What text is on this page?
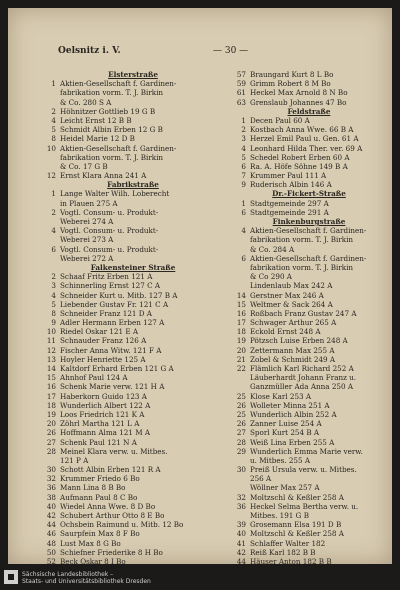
Oelsnitz i. V.	— 30 —
Elsterstraße
1 Aktien-Gesellschaft f. Gardinen-
fabrikation vorm. T. J. Birkin
& Co. 280 S A
2 Höhnitzer Gottlieb 19 G B
4 Leicht Ernst 12 B B
5 Schmidt Albin Erben 12 G B
8 Heidel Marie 12 D B
10 Aktien-Gesellschaft f. Gardinen-
fabrikation vorm. T. J. Birkin
& Co. 17 G B
12 Ernst Klara Anna 241 A
Fabrikstraße
1 Lange Walter Wilh. Loberecht
in Plauen 275 A
2 Vogtl. Consum- u. Produkt-
Weberei 274 A
4 Vogtl. Consum- u. Produkt-
Weberei 273 A
6 Vogtl. Consum- u. Produkt-
Weberei 272 A
Falkensteiner Straße
2 Schaaf Fritz Erben 121 A
3 Schinnerling Ernst 127 C A
4 Schneider Kurt u. Mitb. 127 B A
5 Liebender Gustav Fr. 121 C A
8 Schneider Franz 121 D A
9 Adler Hermann Erben 127 A
10 Riedel Oskar 121 E A
11 Schnauder Franz 126 A
12 Fischer Anna Witw. 121 F A
13 Hoyler Henriette 125 A
14 Kaltdorf Erhard Erben 121 G A
15 Ahnhof Paul 124 A
16 Schenk Marie verw. 121 H A
17 Haberkorn Guido 123 A
18 Wunderlich Albert 122 A
19 Loos Friedrich 121 K A
20 Zöhrl Martha 121 L A
26 Hoffmann Alma 121 M A
27 Schenk Paul 121 N A
28 Meinel Klara verw. u. Mitbes.
121 P A
30 Schott Albin Erben 121 R A
32 Krummer Friedo 6 Bo
36 Mann Lina 8 B Bo
38 Aufmann Paul 8 C Bo
40 Wiedel Anna Wwe. 8 D Bo
42 Schubert Arthur Otto 8 E Bo
44 Ochsbein Raimund u. Mitb. 12 Bo
46 Saurpfein Max 8 F Bo
48 Lust Max 8 G Bo
50 Schiefner Friederike 8 H Bo
52 Beck Oskar 8 I Bo
57 Braungard Kurt 8 L Bo
59 Grimm Robert 8 M Bo
61 Heckel Max Arnold 8 N Bo
63 Grenslaub Johannes 47 Bo
Feldstraße
1 Decen Paul 60 A
2 Kostbach Anna Wwe. 66 B A
3 Herzel Emil Paul u. Gen. 61 A
4 Leonhard Hilda Ther. ver. 69 A
5 Schedel Robert Erben 60 A
6 Ra. A. Höfe Söhne 149 B A
7 Krummer Paul 111 A
9 Ruderisch Albin 146 A
Dr.-Fickert-Straße
1 Stadtgemeinde 297 A
6 Stadtgemeinde 291 A
Finkenburgstraße
4 Aktien-Gesellschaft f. Gardinen-
fabrikation vorm. T. J. Birkin
& Co. 284 A
6 Aktien-Gesellschaft f. Gardinen-
fabrikation vorm. T. J. Birkin
& Co 290 A
Lindenlaub Max 242 A
14 Gerstner Max 246 A
15 Weltmer & Sack 264 A
16 Roßbach Franz Gustav 247 A
17 Schwager Arthur 265 A
18 Eckold Ernst 248 A
19 Pötzsch Luise Erben 248 A
20 Zettermann Max 255 A
21 Zobel & Schmidt 249 A
22 Flämlich Karl Richard 252 A
Läuberhardt Johann Franz u.
Ganzmüller Ada Anna 250 A
25 Klose Karl 253 A
26 Wolleter Minna 251 A
25 Wunderlich Albin 252 A
26 Zanner Luise 254 A
27 Sporl Kurt 254 B A
28 Weiß Lina Erben 255 A
29 Wunderlich Emma Marie verw.
u. Mitbes. 255 A
30 Preiß Ursula verw. u. Mitbes.
256 A
Wöllner Max 257 A
32 Moltzschl & Keßler 258 A
36 Heckel Selma Bertha verw. u.
Mitbes. 191 G B
39 Grosemann Elsa 191 D B
40 Moltzschl & Keßler 258 A
41 Schlaffer Walter 182
42 Reiß Karl 182 B B
44 Häuser Anton 182 B B
Sächsische Landesbibliothek –
Staats- und Universitätsbibliothek Dresden
